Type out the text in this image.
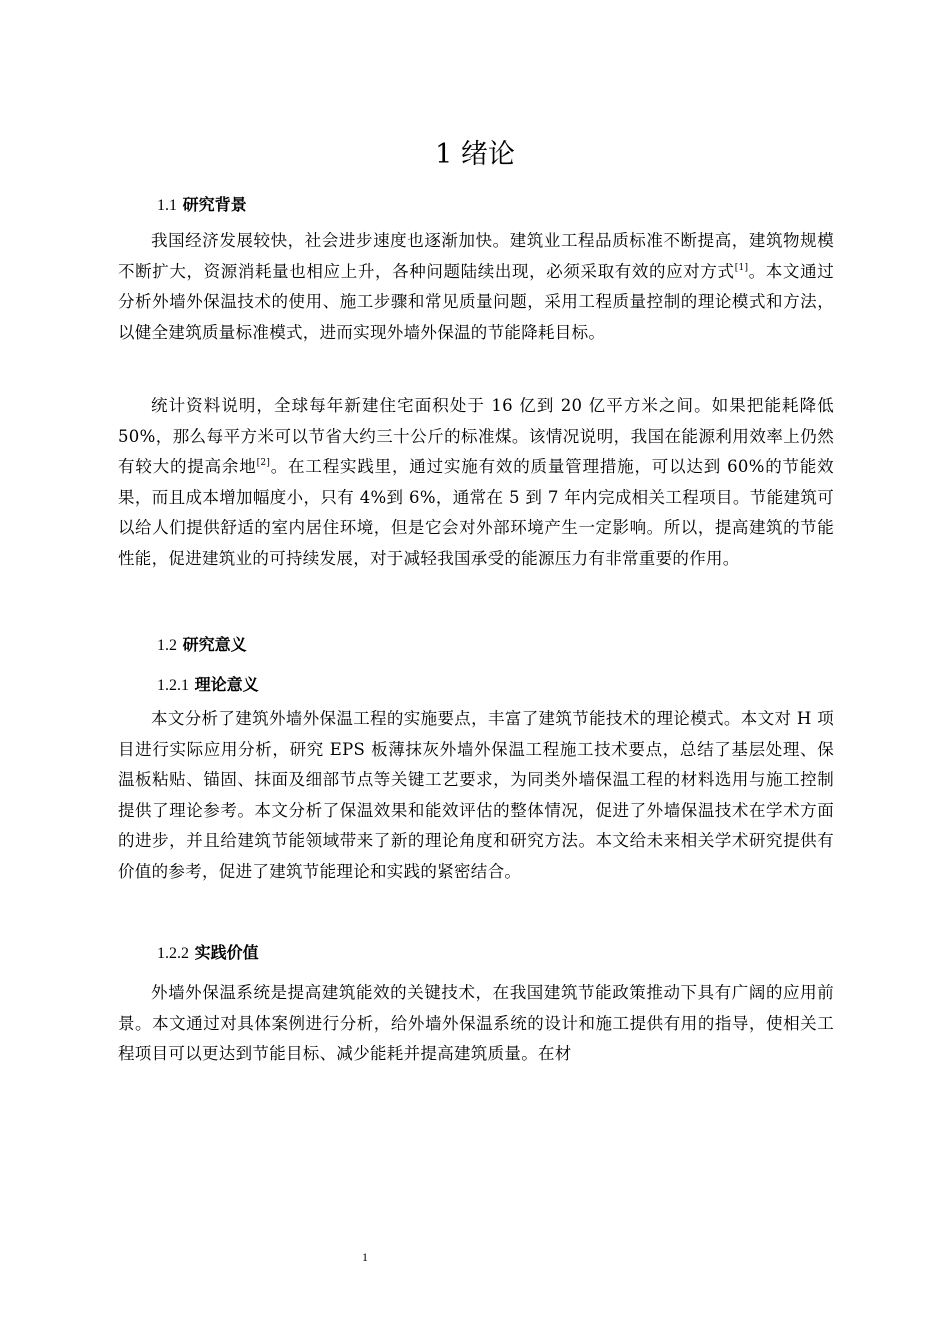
1 绪论
1.1 研究背景

我国经济发展较快，社会进步速度也逐渐加快。建筑业工程品质标准不断提高，建筑物规模不断扩大，资源消耗量也相应上升，各种问题陆续出现，必须采取有效的应对方式[1]。本文通过分析外墙外保温技术的使用、施工步骤和常见质量问题，采用工程质量控制的理论模式和方法，以健全建筑质量标准模式，进而实现外墙外保温的节能降耗目标。

统计资料说明，全球每年新建住宅面积处于 16 亿到 20 亿平方米之间。如果把能耗降低 50%，那么每平方米可以节省大约三十公斤的标准煤。该情况说明，我国在能源利用效率上仍然有较大的提高余地[2]。在工程实践里，通过实施有效的质量管理措施，可以达到 60%的节能效果，而且成本增加幅度小，只有 4%到 6%，通常在 5 到 7 年内完成相关工程项目。节能建筑可以给人们提供舒适的室内居住环境，但是它会对外部环境产生一定影响。所以，提高建筑的节能性能，促进建筑业的可持续发展，对于减轻我国承受的能源压力有非常重要的作用。

1.2 研究意义
1.2.1 理论意义

本文分析了建筑外墙外保温工程的实施要点，丰富了建筑节能技术的理论模式。本文对 H 项目进行实际应用分析，研究 EPS 板薄抹灰外墙外保温工程施工技术要点，总结了基层处理、保温板粘贴、锚固、抹面及细部节点等关键工艺要求，为同类外墙保温工程的材料选用与施工控制提供了理论参考。本文分析了保温效果和能效评估的整体情况，促进了外墙保温技术在学术方面的进步，并且给建筑节能领域带来了新的理论角度和研究方法。本文给未来相关学术研究提供有价值的参考，促进了建筑节能理论和实践的紧密结合。

1.2.2 实践价值

外墙外保温系统是提高建筑能效的关键技术，在我国建筑节能政策推动下具有广阔的应用前景。本文通过对具体案例进行分析，给外墙外保温系统的设计和施工提供有用的指导，使相关工程项目可以更达到节能目标、减少能耗并提高建筑质量。在材

1
